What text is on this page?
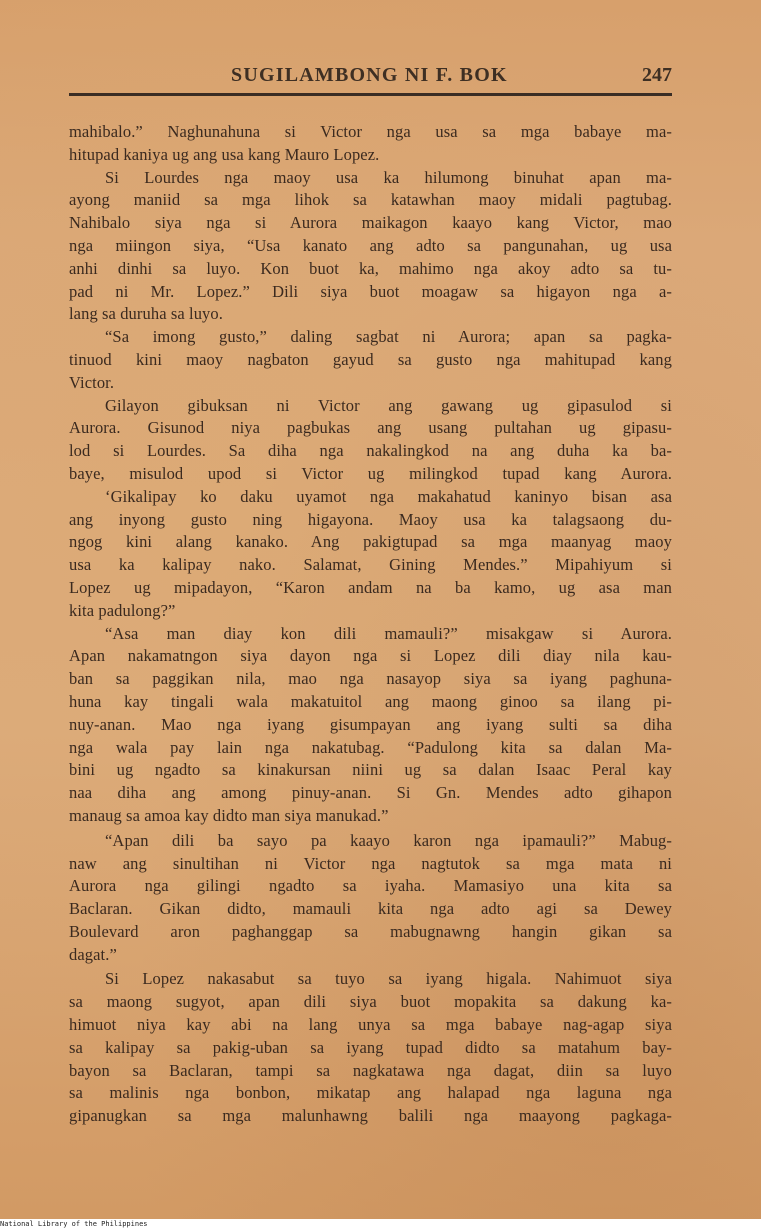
SUGILAMBONG NI F. BOK	247
mahibalo.” Naghunahuna si Victor nga usa sa mga babaye ma-
hitupad kaniya ug ang usa kang Mauro Lopez.
Si Lourdes nga maoy usa ka hilumong binuhat apan ma-
ayong maniid sa mga lihok sa katawhan maoy midali pagtubag.
Nahibalo siya nga si Aurora maikagon kaayo kang Victor, mao
nga miingon siya, “Usa kanato ang adto sa pangunahan, ug usa
anhi dinhi sa luyo. Kon buot ka, mahimo nga akoy adto sa tu-
pad ni Mr. Lopez.” Dili siya buot moagaw sa higayon nga a-
lang sa duruha sa luyo.
“Sa imong gusto,” daling sagbat ni Aurora; apan sa pagka-
tinuod kini maoy nagbaton gayud sa gusto nga mahitupad kang
Victor.
Gilayon gibuksan ni Victor ang gawang ug gipasulod si
Aurora. Gisunod niya pagbukas ang usang pultahan ug gipasu-
lod si Lourdes. Sa diha nga nakalingkod na ang duha ka ba-
baye, misulod upod si Victor ug milingkod tupad kang Aurora.
‘Gikalipay ko daku uyamot nga makahatud kaninyo bisan asa
ang inyong gusto ning higayona. Maoy usa ka talagsaong du-
ngog kini alang kanako. Ang pakigtupad sa mga maanyag maoy
usa ka kalipay nako. Salamat, Gining Mendes.” Mipahiyum si
Lopez ug mipadayon, “Karon andam na ba kamo, ug asa man
kita padulong?”
“Asa man diay kon dili mamauli?” misakgaw si Aurora.
Apan nakamatngon siya dayon nga si Lopez dili diay nila kau-
ban sa paggikan nila, mao nga nasayop siya sa iyang paghuna-
huna kay tingali wala makatuitol ang maong ginoo sa ilang pi-
nuy-anan. Mao nga iyang gisumpayan ang iyang sulti sa diha
nga wala pay lain nga nakatubag. “Padulong kita sa dalan Ma-
bini ug ngadto sa kinakursan niini ug sa dalan Isaac Peral kay
naa diha ang among pinuy-anan. Si Gn. Mendes adto gihapon
manaug sa amoa kay didto man siya manukad.”
“Apan dili ba sayo pa kaayo karon nga ipamauli?” Mabug-
naw ang sinultihan ni Victor nga nagtutok sa mga mata ni
Aurora nga gilingi ngadto sa iyaha. Mamasiyo una kita sa
Baclaran. Gikan didto, mamauli kita nga adto agi sa Dewey
Boulevard aron paghanggap sa mabugnawng hangin gikan sa
dagat.”
Si Lopez nakasabut sa tuyo sa iyang higala. Nahimuot siya
sa maong sugyot, apan dili siya buot mopakita sa dakung ka-
himuot niya kay abi na lang unya sa mga babaye nag-agap siya
sa kalipay sa pakig-uban sa iyang tupad didto sa matahum bay-
bayon sa Baclaran, tampi sa nagkatawa nga dagat, diin sa luyo
sa malinis nga bonbon, mikatap ang halapad nga laguna nga
gipanugkan sa mga malunhawng balili nga maayong pagkaga-
National Library of the Philippines
